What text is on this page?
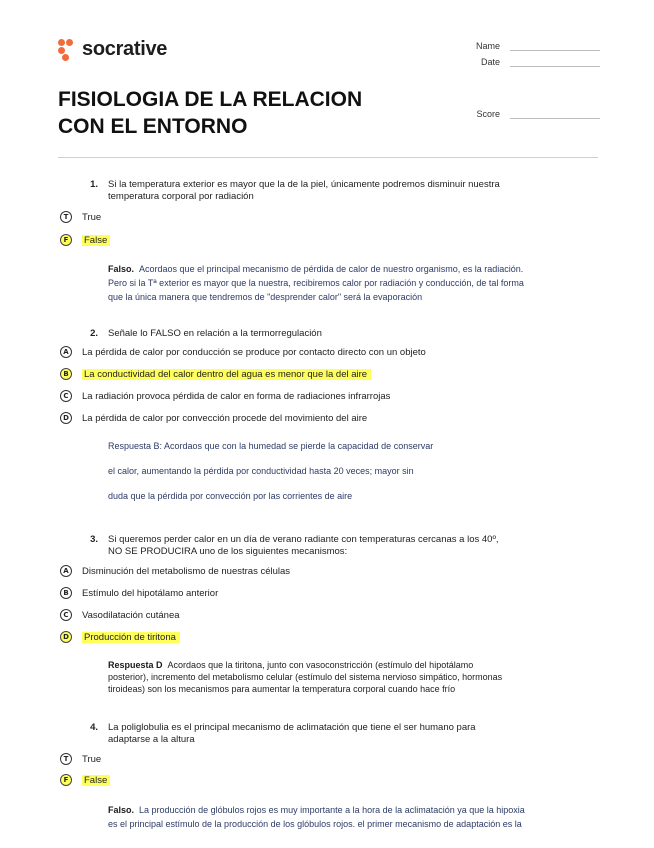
socrative	Name
Date
Score
FISIOLOGIA DE LA RELACION
CON EL ENTORNO
1. Si la temperatura exterior es mayor que la de la piel, únicamente podremos disminuir nuestra
temperatura corporal por radiación
T	True
F	False
Falso. Acordaos que el principal mecanismo de pérdida de calor de nuestro organismo, es la radiación.
Pero si la Tª exterior es mayor que la nuestra, recibiremos calor por radiación y conducción, de tal forma
que la única manera que tendremos de "desprender calor" será la evaporación
2. Señale lo FALSO en relación a la termorregulación
A	La pérdida de calor por conducción se produce por contacto directo con un objeto
B	La conductividad del calor dentro del agua es menor que la del aire
C	La radiación provoca pérdida de calor en forma de radiaciones infrarrojas
D	La pérdida de calor por convección procede del movimiento del aire
Respuesta B: Acordaos que con la humedad se pierde la capacidad de conservar
el calor, aumentando la pérdida por conductividad hasta 20 veces; mayor sin
duda que la pérdida por convección por las corrientes de aire
3. Si queremos perder calor en un día de verano radiante con temperaturas cercanas a los 40º,
NO SE PRODUCIRA uno de los siguientes mecanismos:
A	Disminución del metabolismo de nuestras células
B	Estímulo del hipotálamo anterior
C	Vasodilatación cutánea
D	Producción de tiritona
Respuesta D Acordaos que la tiritona, junto con vasoconstricción (estímulo del hipotálamo
posterior), incremento del metabolismo celular (estímulo del sistema nervioso simpático, hormonas
tiroideas) son los mecanismos para aumentar la temperatura corporal cuando hace frío
4. La poliglobulia es el principal mecanismo de aclimatación que tiene el ser humano para
adaptarse a la altura
T	True
F	False
Falso. La producción de glóbulos rojos es muy importante a la hora de la aclimatación ya que la hipoxia
es el principal estímulo de la producción de los glóbulos rojos. el primer mecanismo de adaptación es la
